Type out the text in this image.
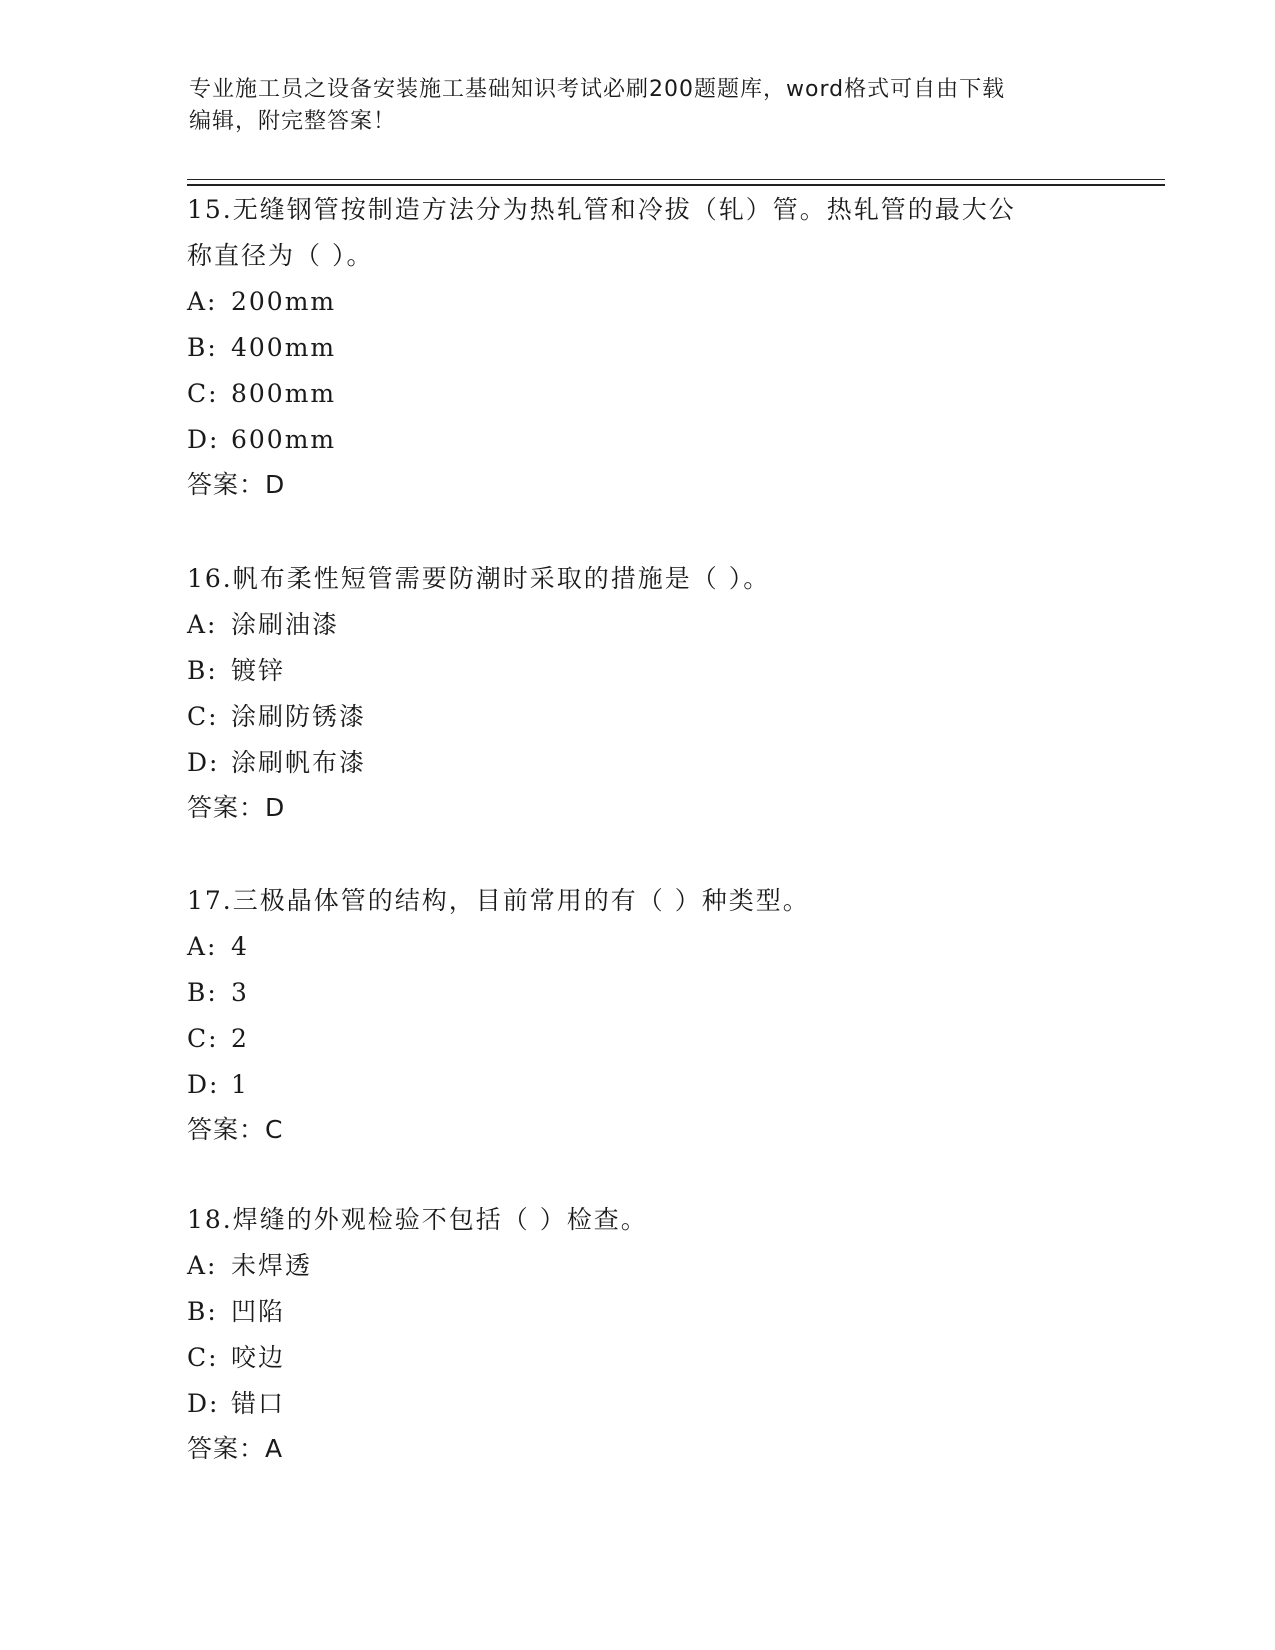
专业施工员之设备安装施工基础知识考试必刷200题题库，word格式可自由下载
编辑，附完整答案！

15.无缝钢管按制造方法分为热轧管和冷拔（轧）管。热轧管的最大公

称直径为（ ）。

A: 200mm
B: 400mm
C: 800mm
D: 600mm
答案：D

16.帆布柔性短管需要防潮时采取的措施是（ ）。

A: 涂刷油漆
B: 镀锌
C: 涂刷防锈漆
D: 涂刷帆布漆
答案：D

17.三极晶体管的结构，目前常用的有（ ）种类型。

A: 4
B: 3
C: 2
D: 1
答案：C

18.焊缝的外观检验不包括（ ）检查。

A: 未焊透
B: 凹陷
C: 咬边
D: 错口
答案：A
